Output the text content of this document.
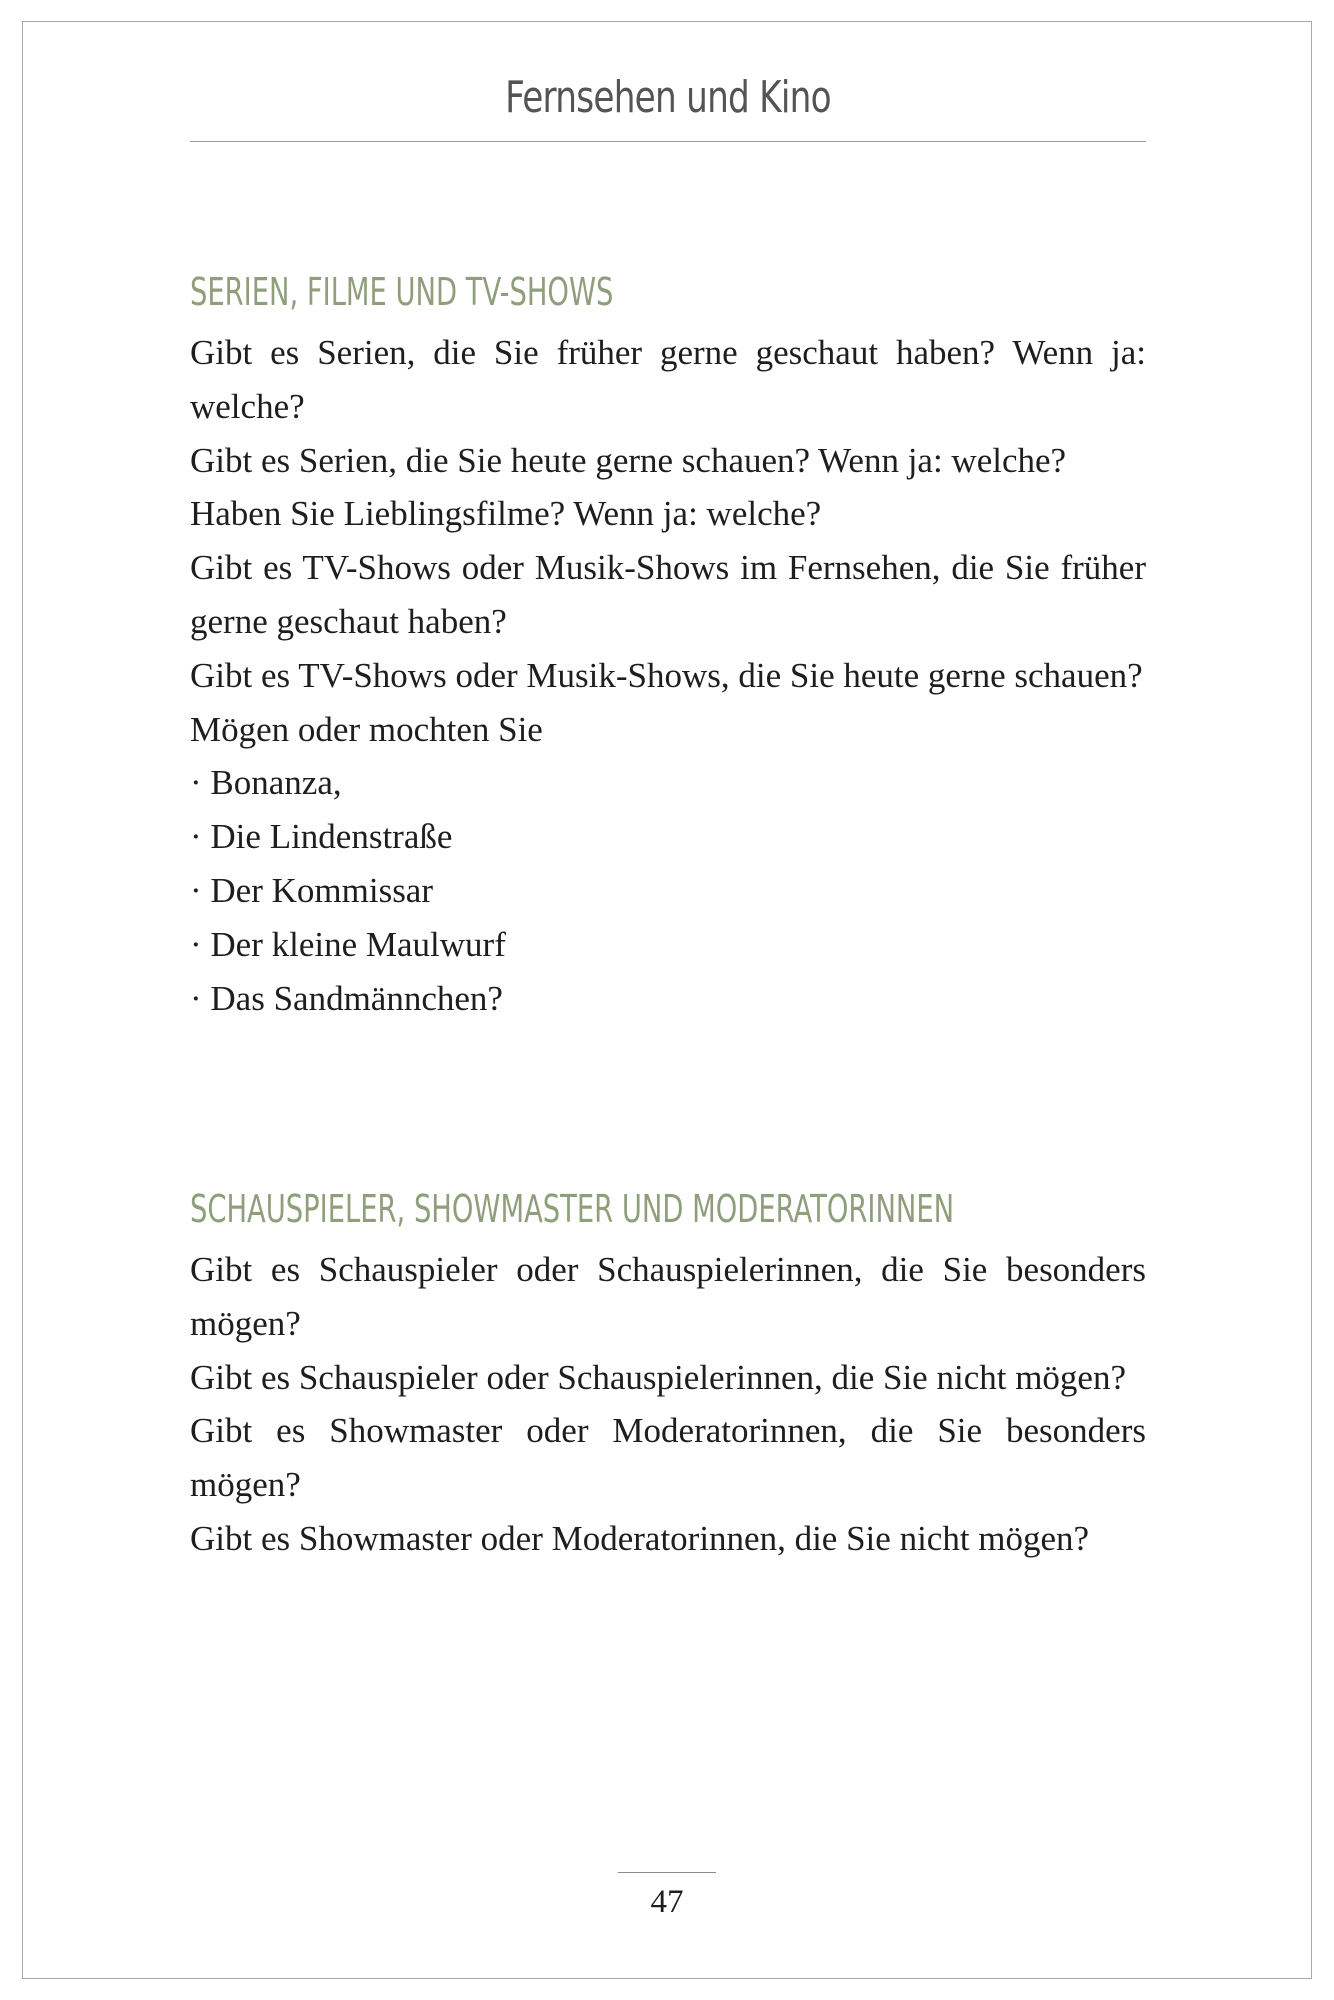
Fernsehen und Kino
SERIEN, FILME UND TV-SHOWS

Gibt es Serien, die Sie früher gerne geschaut haben? Wenn ja: welche?

Gibt es Serien, die Sie heute gerne schauen? Wenn ja: welche?

Haben Sie Lieblingsfilme? Wenn ja: welche?

Gibt es TV-Shows oder Musik-Shows im Fernsehen, die Sie früher gerne geschaut haben?

Gibt es TV-Shows oder Musik-Shows, die Sie heute gerne schauen?

Mögen oder mochten Sie

· Bonanza,

· Die Lindenstraße

· Der Kommissar

· Der kleine Maulwurf

· Das Sandmännchen?

SCHAUSPIELER, SHOWMASTER UND MODERATORINNEN

Gibt es Schauspieler oder Schauspielerinnen, die Sie besonders mögen?

Gibt es Schauspieler oder Schauspielerinnen, die Sie nicht mögen?

Gibt es Showmaster oder Moderatorinnen, die Sie besonders mögen?

Gibt es Showmaster oder Moderatorinnen, die Sie nicht mögen?

47
